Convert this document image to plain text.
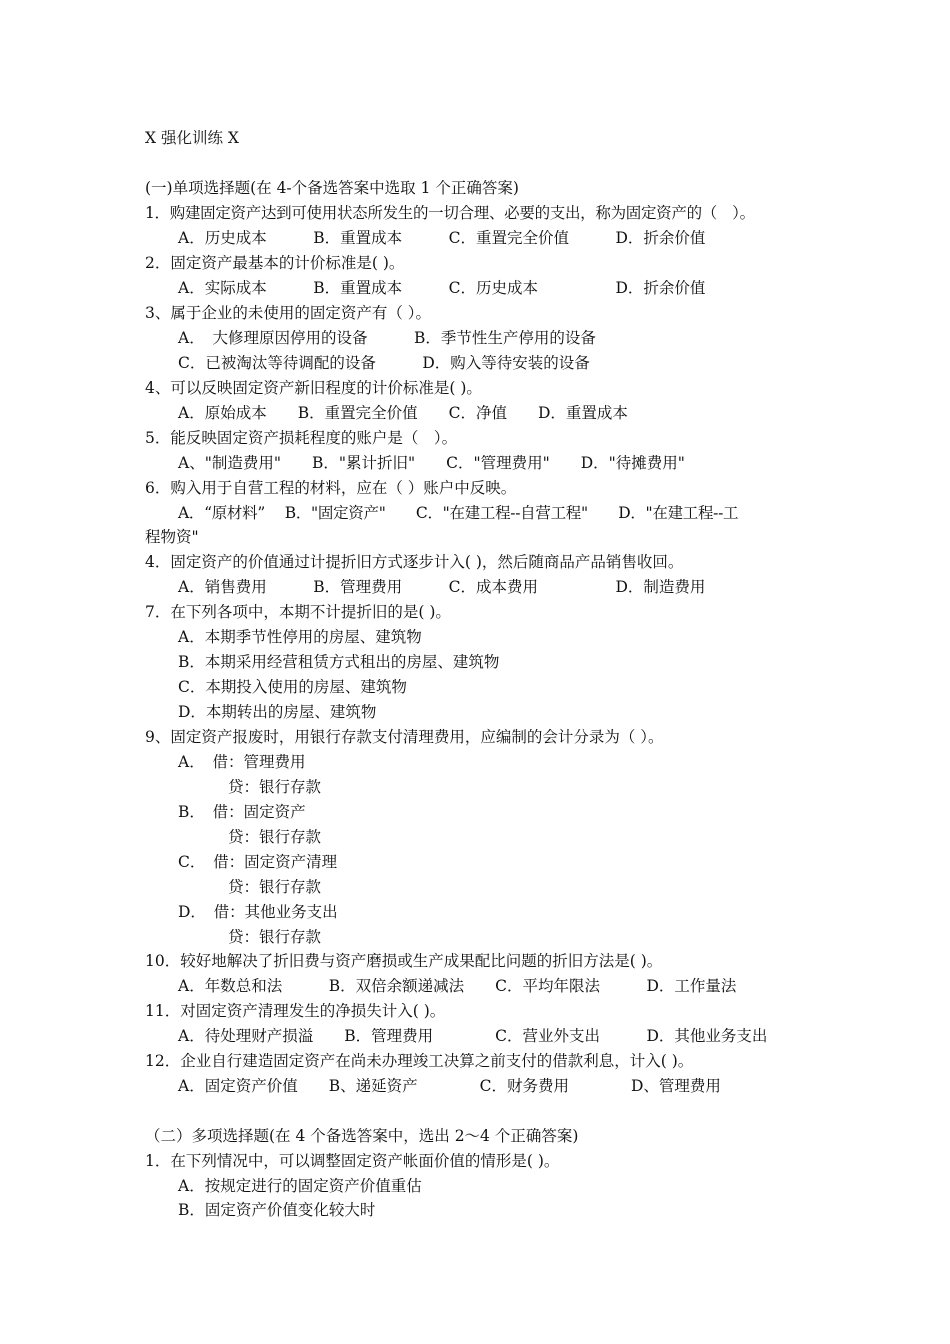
X 强化训练 X
(一)单项选择题(在 4-个备选答案中选取 1 个正确答案)
1．购建固定资产达到可使用状态所发生的一切合理、必要的支出，称为固定资产的（　）。
A．历史成本　　　B．重置成本　　　C．重置完全价值　　　D．折余价值
2．固定资产最基本的计价标准是( )。
A．实际成本　　　B．重置成本　　　C．历史成本　　　　　D．折余价值
3、属于企业的未使用的固定资产有（ ）。
A．　大修理原因停用的设备　　　B．季节性生产停用的设备
C．已被淘汰等待调配的设备　　　D．购入等待安装的设备
4、可以反映固定资产新旧程度的计价标准是( )。
A．原始成本　　B．重置完全价值　　C．净值　　D．重置成本
5．能反映固定资产损耗程度的账户是（　）。
A、"制造费用"　　B．"累计折旧"　　C．"管理费用"　　D．"待摊费用"
6．购入用于自营工程的材料，应在（ ）账户中反映。
A．“原材料”　 B．"固定资产"　　C．"在建工程--自营工程"　　D．"在建工程--工
程物资"
4．固定资产的价值通过计提折旧方式逐步计入( )，然后随商品产品销售收回。
A．销售费用　　　B．管理费用　　　C．成本费用　　　　　D．制造费用
7．在下列各项中，本期不计提折旧的是( )。
A．本期季节性停用的房屋、建筑物
B．本期采用经营租赁方式租出的房屋、建筑物
C．本期投入使用的房屋、建筑物
D．本期转出的房屋、建筑物
9、固定资产报废时，用银行存款支付清理费用，应编制的会计分录为（ ）。
A．　借：管理费用
贷：银行存款
B．　借：固定资产
贷：银行存款
C．　借：固定资产清理
贷：银行存款
D．　借：其他业务支出
贷：银行存款
10．较好地解决了折旧费与资产磨损或生产成果配比问题的折旧方法是( )。
A．年数总和法　　　B．双倍余额递减法　　C．平均年限法　　　D．工作量法
11．对固定资产清理发生的净损失计入( )。
A．待处理财产损溢　　B．管理费用　　　　C．营业外支出　　　D．其他业务支出
12．企业自行建造固定资产在尚未办理竣工决算之前支付的借款利息，计入( )。
A．固定资产价值　　B、递延资产　　　　C．财务费用　　　　D、管理费用
（二）多项选择题(在 4 个备选答案中，选出 2～4 个正确答案)
1．在下列情况中，可以调整固定资产帐面价值的情形是( )。
A．按规定进行的固定资产价值重估
B．固定资产价值变化较大时
